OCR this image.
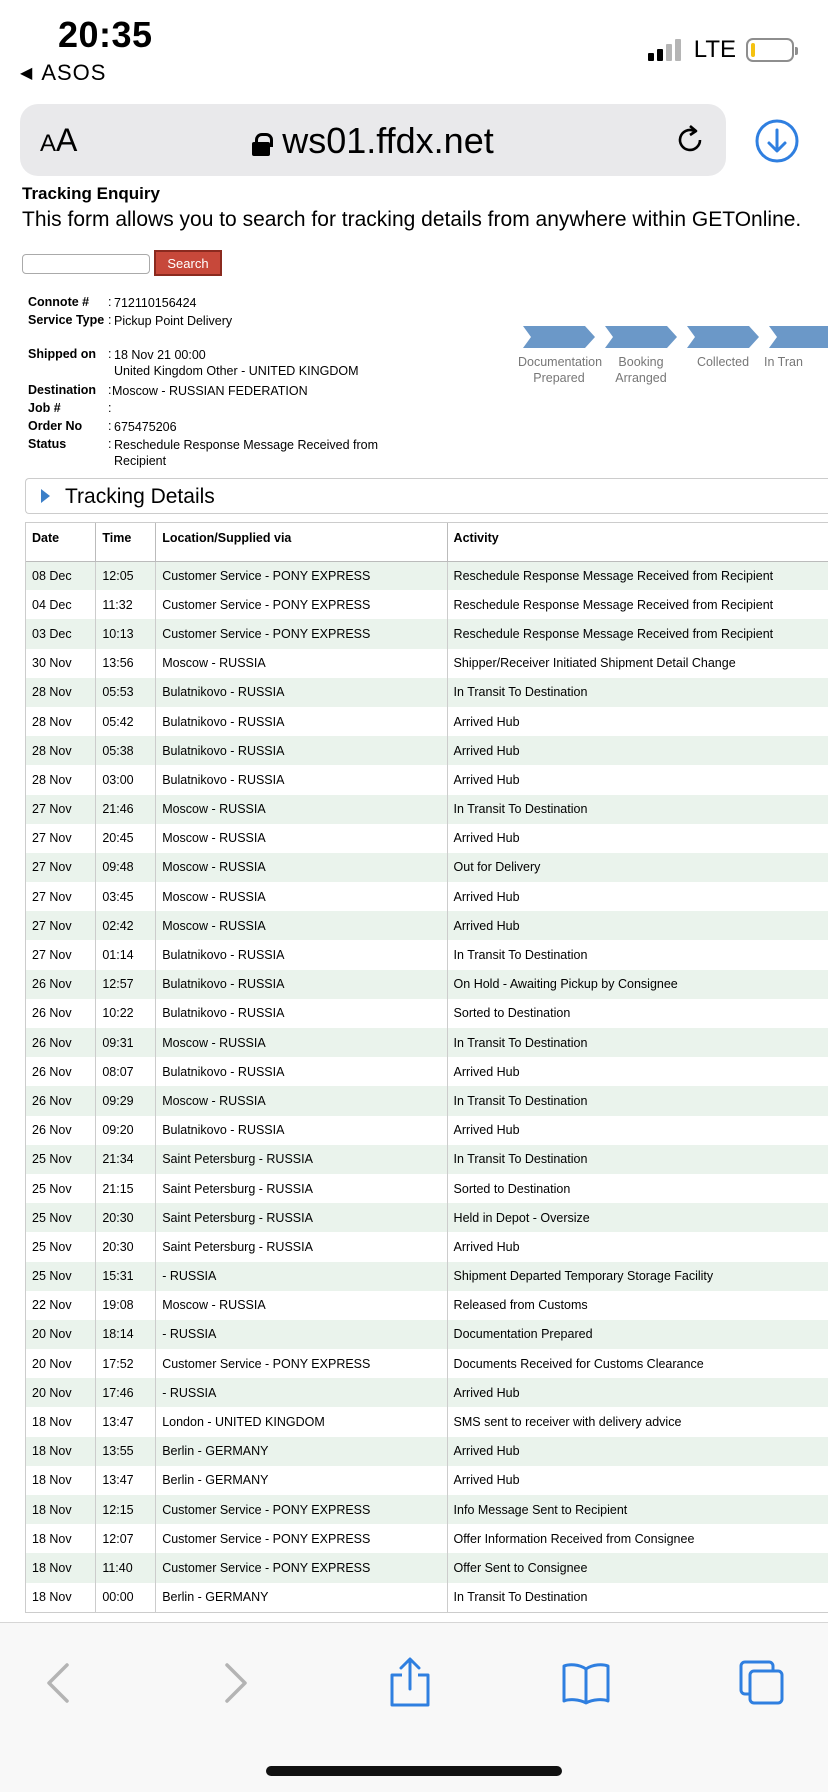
20:35
◀ ASOS
LTE
AA	ws01.ffdx.net
Tracking Enquiry
This form allows you to search for tracking details from anywhere within GETOnline.
Search
Connote #	: 712110156424
Service Type : Pickup Point Delivery
Shipped on : 18 Nov 21 00:00
United Kingdom Other - UNITED KINGDOM
Destination : Moscow - RUSSIAN FEDERATION
Job #	:
Order No	: 675475206
Status	: Reschedule Response Message Received from
Recipient
Documentation
Prepared
Booking
Arranged
Collected	In Tran
Tracking Details
Date	Time	Location/Supplied via	Activity
08 Dec	12:05	Customer Service - PONY EXPRESS	Reschedule Response Message Received from Recipient
04 Dec	11:32	Customer Service - PONY EXPRESS	Reschedule Response Message Received from Recipient
03 Dec	10:13	Customer Service - PONY EXPRESS	Reschedule Response Message Received from Recipient
30 Nov	13:56	Moscow - RUSSIA	Shipper/Receiver Initiated Shipment Detail Change
28 Nov	05:53	Bulatnikovo - RUSSIA	In Transit To Destination
28 Nov	05:42	Bulatnikovo - RUSSIA	Arrived Hub
28 Nov	05:38	Bulatnikovo - RUSSIA	Arrived Hub
28 Nov	03:00	Bulatnikovo - RUSSIA	Arrived Hub
27 Nov	21:46	Moscow - RUSSIA	In Transit To Destination
27 Nov	20:45	Moscow - RUSSIA	Arrived Hub
27 Nov	09:48	Moscow - RUSSIA	Out for Delivery
27 Nov	03:45	Moscow - RUSSIA	Arrived Hub
27 Nov	02:42	Moscow - RUSSIA	Arrived Hub
27 Nov	01:14	Bulatnikovo - RUSSIA	In Transit To Destination
26 Nov	12:57	Bulatnikovo - RUSSIA	On Hold - Awaiting Pickup by Consignee
26 Nov	10:22	Bulatnikovo - RUSSIA	Sorted to Destination
26 Nov	09:31	Moscow - RUSSIA	In Transit To Destination
26 Nov	08:07	Bulatnikovo - RUSSIA	Arrived Hub
26 Nov	09:29	Moscow - RUSSIA	In Transit To Destination
26 Nov	09:20	Bulatnikovo - RUSSIA	Arrived Hub
25 Nov	21:34	Saint Petersburg - RUSSIA	In Transit To Destination
25 Nov	21:15	Saint Petersburg - RUSSIA	Sorted to Destination
25 Nov	20:30	Saint Petersburg - RUSSIA	Held in Depot - Oversize
25 Nov	20:30	Saint Petersburg - RUSSIA	Arrived Hub
25 Nov	15:31	- RUSSIA	Shipment Departed Temporary Storage Facility
22 Nov	19:08	Moscow - RUSSIA	Released from Customs
20 Nov	18:14	- RUSSIA	Documentation Prepared
20 Nov	17:52	Customer Service - PONY EXPRESS	Documents Received for Customs Clearance
20 Nov	17:46	- RUSSIA	Arrived Hub
18 Nov	13:47	London - UNITED KINGDOM	SMS sent to receiver with delivery advice
18 Nov	13:55	Berlin - GERMANY	Arrived Hub
18 Nov	13:47	Berlin - GERMANY	Arrived Hub
18 Nov	12:15	Customer Service - PONY EXPRESS	Info Message Sent to Recipient
18 Nov	12:07	Customer Service - PONY EXPRESS	Offer Information Received from Consignee
18 Nov	11:40	Customer Service - PONY EXPRESS	Offer Sent to Consignee
18 Nov	00:00	Berlin - GERMANY	In Transit To Destination
